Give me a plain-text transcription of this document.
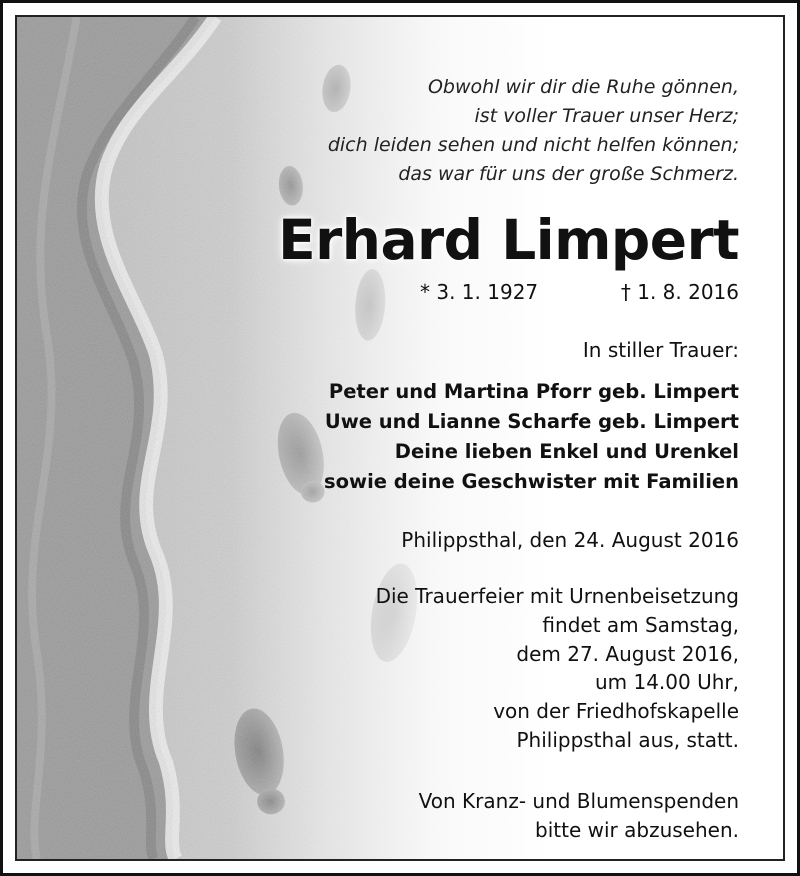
Obwohl wir dir die Ruhe gönnen,
ist voller Trauer unser Herz;
dich leiden sehen und nicht helfen können;
das war für uns der große Schmerz.
Erhard Limpert
* 3. 1. 1927	† 1. 8. 2016
In stiller Trauer:
Peter und Martina Pforr geb. Limpert
Uwe und Lianne Scharfe geb. Limpert
Deine lieben Enkel und Urenkel
sowie deine Geschwister mit Familien
Philippsthal, den 24. August 2016
Die Trauerfeier mit Urnenbeisetzung
findet am Samstag,
dem 27. August 2016,
um 14.00 Uhr,
von der Friedhofskapelle
Philippsthal aus, statt.
Von Kranz- und Blumenspenden
bitte wir abzusehen.
